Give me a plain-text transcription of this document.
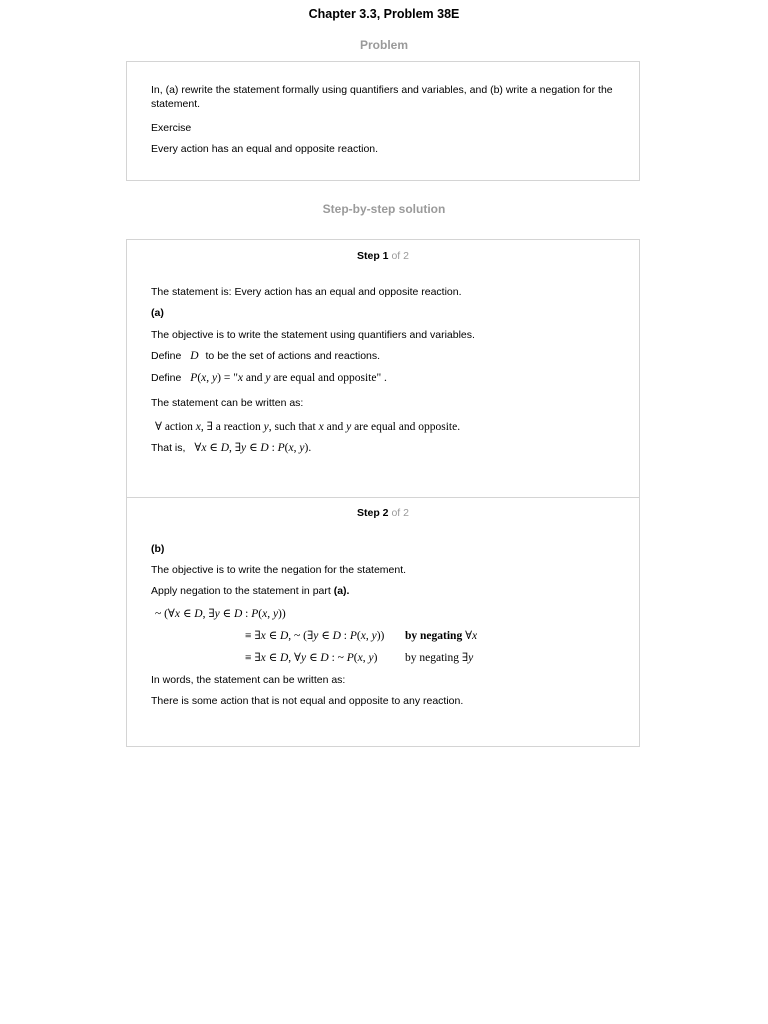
Chapter 3.3, Problem 38E
Problem
In, (a) rewrite the statement formally using quantifiers and variables, and (b) write a negation for the statement.
Exercise
Every action has an equal and opposite reaction.
Step-by-step solution
Step 1 of 2
The statement is: Every action has an equal and opposite reaction.
(a)
The objective is to write the statement using quantifiers and variables.
Define D to be the set of actions and reactions.
Define P(x, y) = "x and y are equal and opposite" .
The statement can be written as:
∀ action x, ∃ a reaction y, such that x and y are equal and opposite.
That is, ∀x ∈ D, ∃y ∈ D : P(x, y).
Step 2 of 2
(b)
The objective is to write the negation for the statement.
Apply negation to the statement in part (a).
~ (∀x ∈ D, ∃y ∈ D : P(x, y))
≡ ∃x ∈ D, ~ (∃y ∈ D : P(x, y)) by negating ∀x
≡ ∃x ∈ D, ∀y ∈ D : ~ P(x, y) by negating ∃y
In words, the statement can be written as:
There is some action that is not equal and opposite to any reaction.
